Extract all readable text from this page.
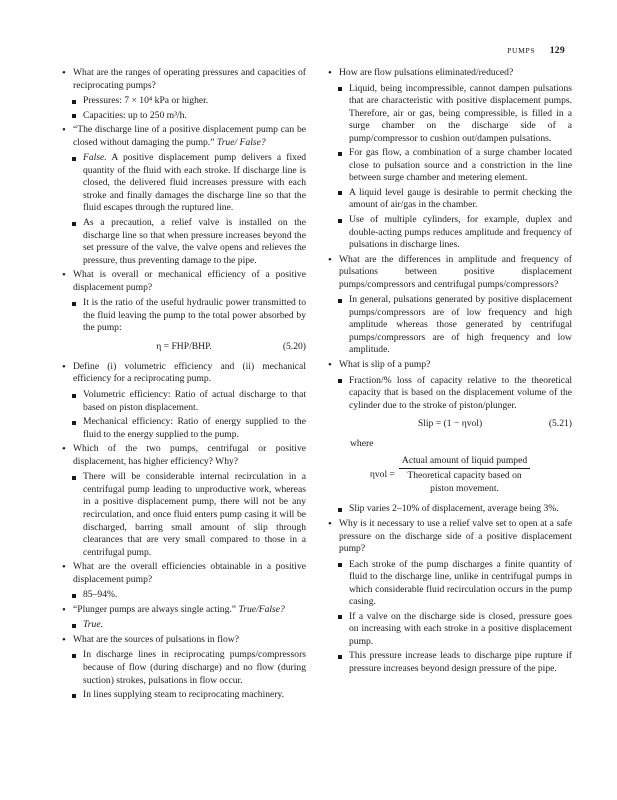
PUMPS 129
• What are the ranges of operating pressures and capacities of reciprocating pumps?
Pressures: 7 × 10⁴ kPa or higher.
Capacities: up to 250 m³/h.
• “The discharge line of a positive displacement pump can be closed without damaging the pump.” True/ False?
False. A positive displacement pump delivers a fixed quantity of the fluid with each stroke. If discharge line is closed, the delivered fluid increases pressure with each stroke and finally damages the discharge line so that the fluid escapes through the ruptured line.
As a precaution, a relief valve is installed on the discharge line so that when pressure increases beyond the set pressure of the valve, the valve opens and relieves the pressure, thus preventing damage to the pipe.
• What is overall or mechanical efficiency of a positive displacement pump?
It is the ratio of the useful hydraulic power transmitted to the fluid leaving the pump to the total power absorbed by the pump:
η = FHP/BHP.	(5.20)
• Define (i) volumetric efficiency and (ii) mechanical efficiency for a reciprocating pump.
Volumetric efficiency: Ratio of actual discharge to that based on piston displacement.
Mechanical efficiency: Ratio of energy supplied to the fluid to the energy supplied to the pump.
• Which of the two pumps, centrifugal or positive displacement, has higher efficiency? Why?
There will be considerable internal recirculation in a centrifugal pump leading to unproductive work, whereas in a positive displacement pump, there will not be any recirculation, and once fluid enters pump casing it will be discharged, barring small amount of slip through clearances that are very small compared to those in a centrifugal pump.
• What are the overall efficiencies obtainable in a positive displacement pump?
85–94%.
• “Plunger pumps are always single acting.” True/False?
True.
• What are the sources of pulsations in flow?
In discharge lines in reciprocating pumps/compressors because of flow (during discharge) and no flow (during suction) strokes, pulsations in flow occur.
In lines supplying steam to reciprocating machinery.
• How are flow pulsations eliminated/reduced?
Liquid, being incompressible, cannot dampen pulsations that are characteristic with positive displacement pumps. Therefore, air or gas, being compressible, is filled in a surge chamber on the discharge side of a pump/compressor to cushion out/dampen pulsations.
For gas flow, a combination of a surge chamber located close to pulsation source and a constriction in the line between surge chamber and metering element.
A liquid level gauge is desirable to permit checking the amount of air/gas in the chamber.
Use of multiple cylinders, for example, duplex and double-acting pumps reduces amplitude and frequency of pulsations in discharge lines.
• What are the differences in amplitude and frequency of pulsations between positive displacement pumps/compressors and centrifugal pumps/compressors?
In general, pulsations generated by positive displacement pumps/compressors are of low frequency and high amplitude whereas those generated by centrifugal pumps/compressors are of high frequency and low amplitude.
• What is slip of a pump?
Fraction/% loss of capacity relative to the theoretical capacity that is based on the displacement volume of the cylinder due to the stroke of piston/plunger.
Slip = (1 − ηvol)	(5.21)
where
ηvol =
Actual amount of liquid pumped
Theoretical capacity based on
piston movement.
Slip varies 2–10% of displacement, average being 3%.
• Why is it necessary to use a relief valve set to open at a safe pressure on the discharge side of a positive displacement pump?
Each stroke of the pump discharges a finite quantity of fluid to the discharge line, unlike in centrifugal pumps in which considerable fluid recirculation occurs in the pump casing.
If a valve on the discharge side is closed, pressure goes on increasing with each stroke in a positive displacement pump.
This pressure increase leads to discharge pipe rupture if pressure increases beyond design pressure of the pipe.
